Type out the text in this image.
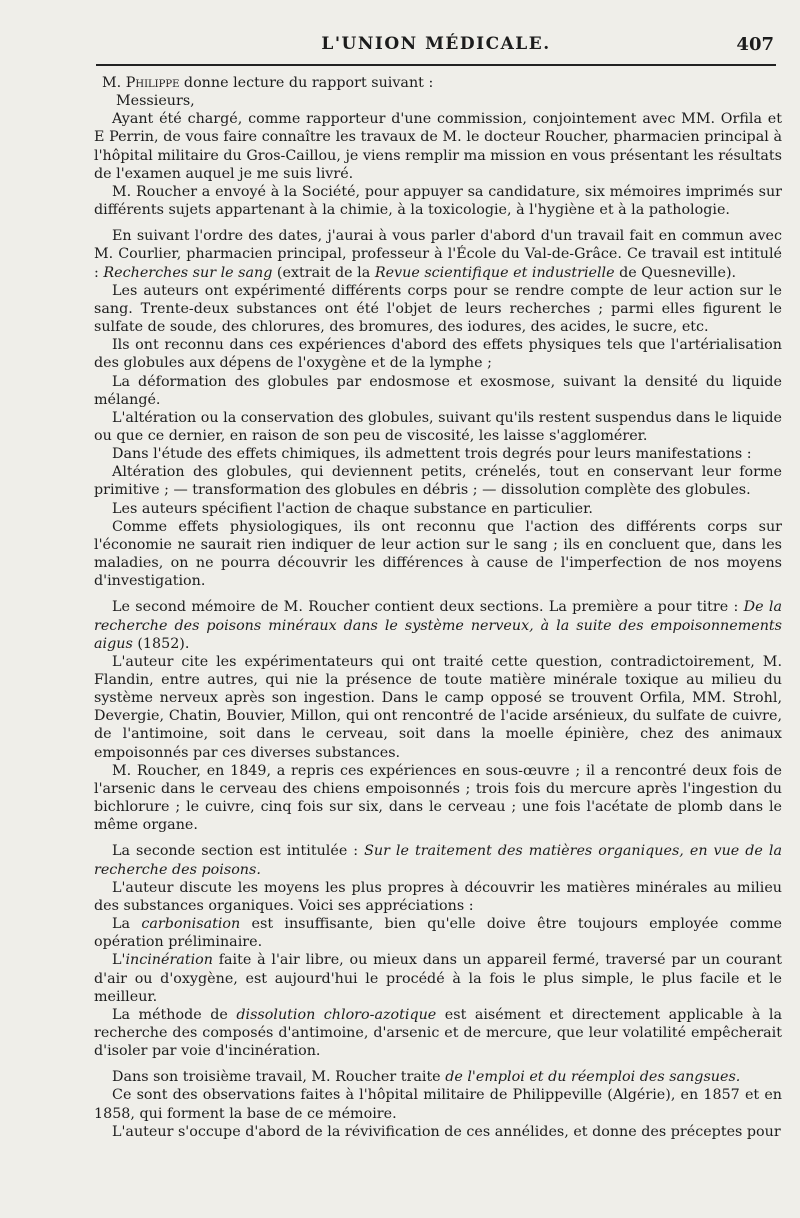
L'UNION MÉDICALE.	407

M. Philippe donne lecture du rapport suivant :

Messieurs,

Ayant été chargé, comme rapporteur d'une commission, conjointement avec MM. Orfila et E Perrin, de vous faire connaître les travaux de M. le docteur Roucher, pharmacien principal à l'hôpital militaire du Gros-Caillou, je viens remplir ma mission en vous présentant les résultats de l'examen auquel je me suis livré.

M. Roucher a envoyé à la Société, pour appuyer sa candidature, six mémoires imprimés sur différents sujets appartenant à la chimie, à la toxicologie, à l'hygiène et à la pathologie.

En suivant l'ordre des dates, j'aurai à vous parler d'abord d'un travail fait en commun avec M. Courlier, pharmacien principal, professeur à l'École du Val-de-Grâce. Ce travail est intitulé : Recherches sur le sang (extrait de la Revue scientifique et industrielle de Quesneville).

Les auteurs ont expérimenté différents corps pour se rendre compte de leur action sur le sang. Trente-deux substances ont été l'objet de leurs recherches ; parmi elles figurent le sulfate de soude, des chlorures, des bromures, des iodures, des acides, le sucre, etc.

Ils ont reconnu dans ces expériences d'abord des effets physiques tels que l'artérialisation des globules aux dépens de l'oxygène et de la lymphe ;

La déformation des globules par endosmose et exosmose, suivant la densité du liquide mélangé.

L'altération ou la conservation des globules, suivant qu'ils restent suspendus dans le liquide ou que ce dernier, en raison de son peu de viscosité, les laisse s'agglomérer.

Dans l'étude des effets chimiques, ils admettent trois degrés pour leurs manifestations :

Altération des globules, qui deviennent petits, crénelés, tout en conservant leur forme primitive ; — transformation des globules en débris ; — dissolution complète des globules.

Les auteurs spécifient l'action de chaque substance en particulier.

Comme effets physiologiques, ils ont reconnu que l'action des différents corps sur l'économie ne saurait rien indiquer de leur action sur le sang ; ils en concluent que, dans les maladies, on ne pourra découvrir les différences à cause de l'imperfection de nos moyens d'investigation.

Le second mémoire de M. Roucher contient deux sections. La première a pour titre : De la recherche des poisons minéraux dans le système nerveux, à la suite des empoisonnements aigus (1852).

L'auteur cite les expérimentateurs qui ont traité cette question, contradictoirement, M. Flandin, entre autres, qui nie la présence de toute matière minérale toxique au milieu du système nerveux après son ingestion. Dans le camp opposé se trouvent Orfila, MM. Strohl, Devergie, Chatin, Bouvier, Millon, qui ont rencontré de l'acide arsénieux, du sulfate de cuivre, de l'antimoine, soit dans le cerveau, soit dans la moelle épinière, chez des animaux empoisonnés par ces diverses substances.

M. Roucher, en 1849, a repris ces expériences en sous-œuvre ; il a rencontré deux fois de l'arsenic dans le cerveau des chiens empoisonnés ; trois fois du mercure après l'ingestion du bichlorure ; le cuivre, cinq fois sur six, dans le cerveau ; une fois l'acétate de plomb dans le même organe.

La seconde section est intitulée : Sur le traitement des matières organiques, en vue de la recherche des poisons.

L'auteur discute les moyens les plus propres à découvrir les matières minérales au milieu des substances organiques. Voici ses appréciations :

La carbonisation est insuffisante, bien qu'elle doive être toujours employée comme opération préliminaire.

L'incinération faite à l'air libre, ou mieux dans un appareil fermé, traversé par un courant d'air ou d'oxygène, est aujourd'hui le procédé à la fois le plus simple, le plus facile et le meilleur.

La méthode de dissolution chloro-azotique est aisément et directement applicable à la recherche des composés d'antimoine, d'arsenic et de mercure, que leur volatilité empêcherait d'isoler par voie d'incinération.

Dans son troisième travail, M. Roucher traite de l'emploi et du réemploi des sangsues.

Ce sont des observations faites à l'hôpital militaire de Philippeville (Algérie), en 1857 et en 1858, qui forment la base de ce mémoire.

L'auteur s'occupe d'abord de la révivification de ces annélides, et donne des préceptes pour
